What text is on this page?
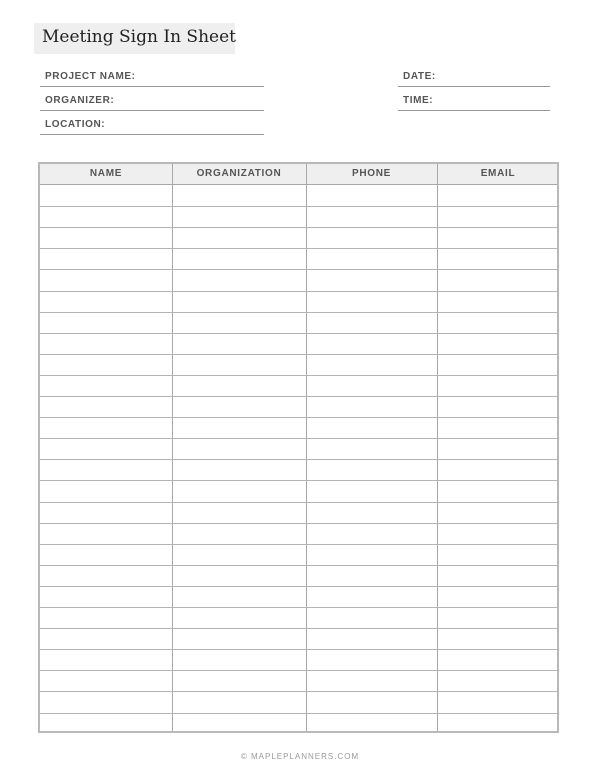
Meeting Sign In Sheet
PROJECT NAME:
ORGANIZER:
LOCATION:
DATE:
TIME:
NAME	ORGANIZATION	PHONE	EMAIL
© MAPLEPLANNERS.COM
